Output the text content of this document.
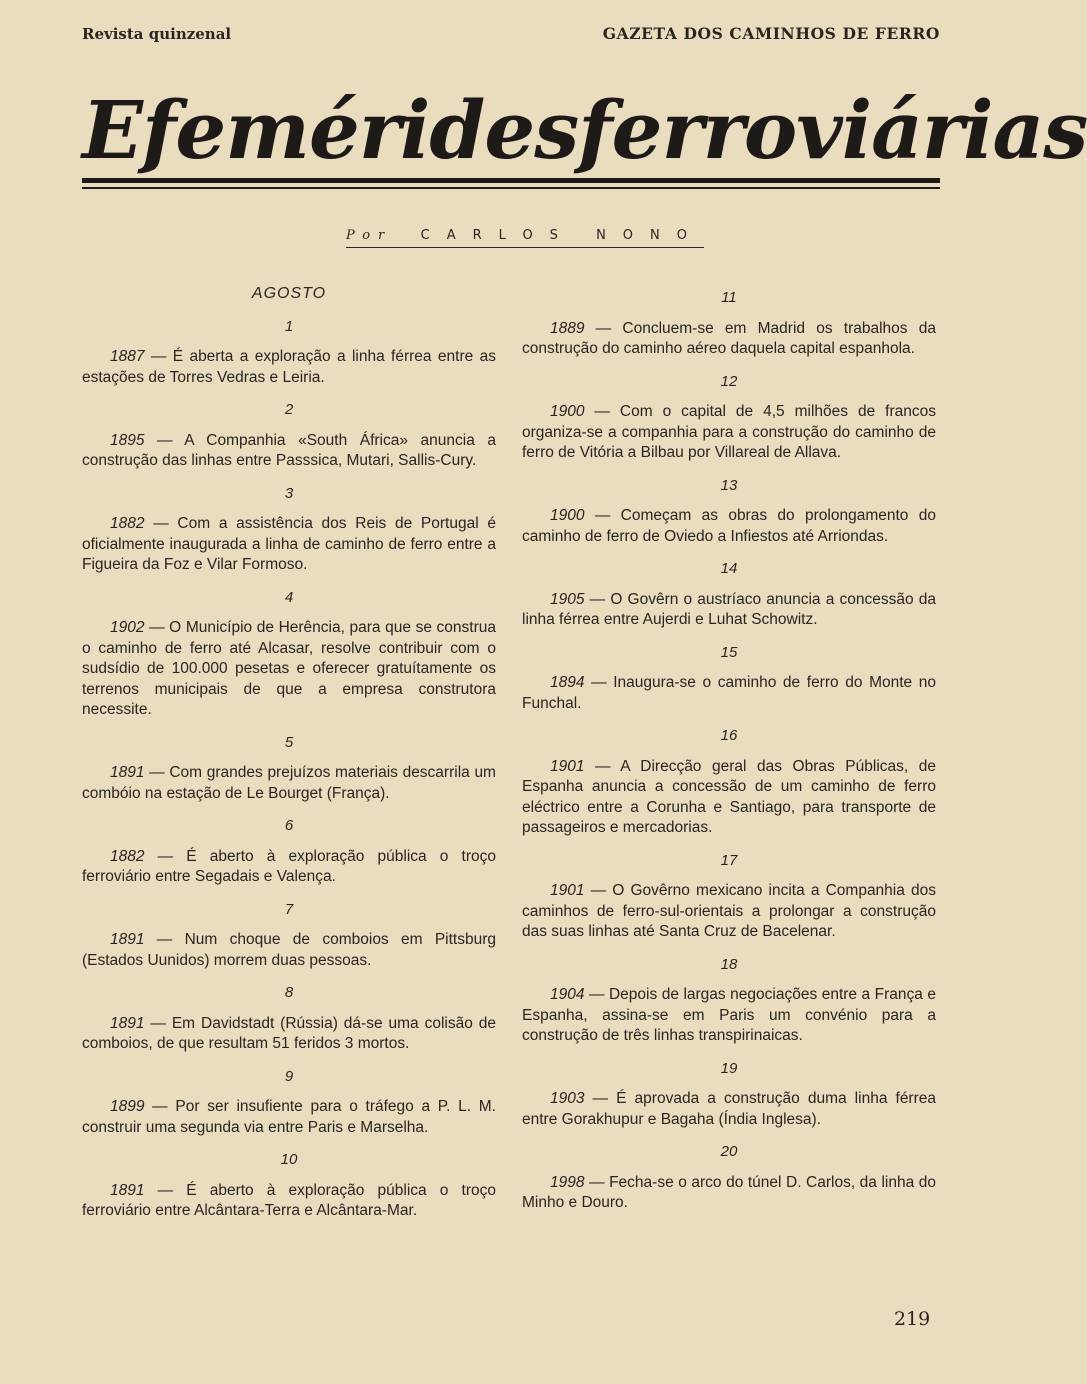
Revista quinzenal	GAZETA DOS CAMINHOS DE FERRO
Efemérides ferroviárias
Por CARLOS NONO
AGOSTO
1
1887 — É aberta a exploração a linha férrea entre as estações de Torres Vedras e Leiria.
2
1895 — A Companhia «South África» anuncia a construção das linhas entre Passsica, Mutari, Sallis-Cury.
3
1882 — Com a assistência dos Reis de Portugal é oficialmente inaugurada a linha de caminho de ferro entre a Figueira da Foz e Vilar Formoso.
4
1902 — O Município de Herência, para que se construa o caminho de ferro até Alcasar, resolve contribuir com o sudsídio de 100.000 pesetas e oferecer gratuítamente os terrenos municipais de que a empresa construtora necessite.
5
1891 — Com grandes prejuízos materiais descarrila um combóio na estação de Le Bourget (França).
6
1882 — É aberto à exploração pública o troço ferroviário entre Segadais e Valença.
7
1891 — Num choque de comboios em Pittsburg (Estados Uunidos) morrem duas pessoas.
8
1891 — Em Davidstadt (Rússia) dá-se uma colisão de comboios, de que resultam 51 feridos 3 mortos.
9
1899 — Por ser insufiente para o tráfego a P. L. M. construir uma segunda via entre Paris e Marselha.
10
1891 — É aberto à exploração pública o troço ferroviário entre Alcântara-Terra e Alcântara-Mar.
11
1889 — Concluem-se em Madrid os trabalhos da construção do caminho aéreo daquela capital espanhola.
12
1900 — Com o capital de 4,5 milhões de francos organiza-se a companhia para a construção do caminho de ferro de Vitória a Bilbau por Villareal de Allava.
13
1900 — Começam as obras do prolongamento do caminho de ferro de Oviedo a Infiestos até Arriondas.
14
1905 — O Govêrn o austríaco anuncia a concessão da linha férrea entre Aujerdi e Luhat Schowitz.
15
1894 — Inaugura-se o caminho de ferro do Monte no Funchal.
16
1901 — A Direcção geral das Obras Públicas, de Espanha anuncia a concessão de um caminho de ferro eléctrico entre a Corunha e Santiago, para transporte de passageiros e mercadorias.
17
1901 — O Govêrno mexicano incita a Companhia dos caminhos de ferro-sul-orientais a prolongar a construção das suas linhas até Santa Cruz de Bacelenar.
18
1904 — Depois de largas negociações entre a França e Espanha, assina-se em Paris um convénio para a construção de três linhas transpirinaicas.
19
1903 — É aprovada a construção duma linha férrea entre Gorakhupur e Bagaha (Índia Inglesa).
20
1998 — Fecha-se o arco do túnel D. Carlos, da linha do Minho e Douro.
219
